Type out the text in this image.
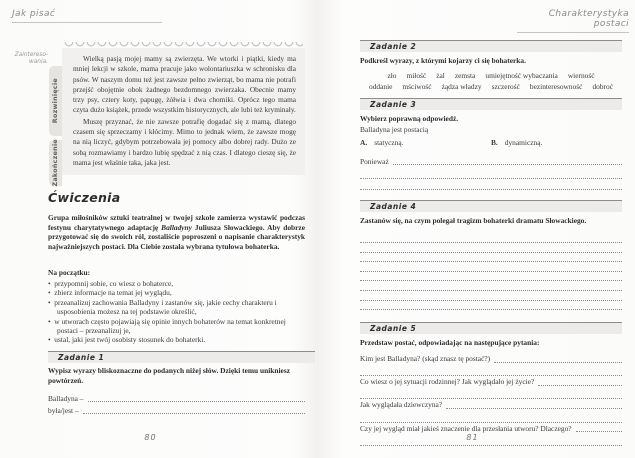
Jak pisać
Zaintereso-
wania.
Rozwinięcie
Zakończenie

Wielką pasją mojej mamy są zwierzęta. We wtorki i piątki, kiedy ma mniej lekcji w szkole, mama pracuje jako wolontariuszka w schronisku dla psów. W naszym domu też jest zawsze pełno zwierząt, bo mama nie potrafi przejść obojętnie obok żadnego bezdomnego zwierzaka. Obecnie mamy trzy psy, cztery koty, papugę, żółwia i dwa chomiki. Oprócz tego mama czyta dużo książek, przede wszystkim historycznych, ale lubi też kryminały.

Muszę przyznać, że nie zawsze potrafię dogadać się z mamą, dlatego czasem się sprzeczamy i kłócimy. Mimo to jednak wiem, że zawsze mogę na nią liczyć, gdybym potrzebowała jej pomocy albo dobrej rady. Dużo ze sobą rozmawiamy i bardzo lubię spędzać z nią czas. I dlatego cieszę się, że mama jest właśnie taka, jaka jest.

Ćwiczenia

Grupa miłośników sztuki teatralnej w twojej szkole zamierza wystawić podczas festynu charytatywnego adaptację Balladyny Juliusza Słowackiego. Aby dobrze przygotować się do swoich ról, zostaliście poproszeni o napisanie charakterystyk najważniejszych postaci. Dla Ciebie została wybrana tytułowa bohaterka.

Na początku:

•  przypomnij sobie, co wiesz o bohaterce,
•  zbierz informacje na temat jej wyglądu,
•  przeanalizuj zachowania Balladyny i zastanów się, jakie cechy charakteru i usposobienia możesz na tej podstawie określić,
•  w utworach często pojawiają się opinie innych bohaterów na temat konkretnej postaci – przeanalizuj je,
•  ustal, jaki jest twój osobisty stosunek do bohaterki.
Zadanie 1

Wypisz wyrazy bliskoznaczne do podanych niżej słów. Dzięki temu unikniesz powtórzeń.

Balladyna –
była/jest –
80
Charakterystyka postaci
Zadanie 2

Podkreśl wyrazy, z którymi kojarzy ci się bohaterka.

zło miłość żal zemsta umiejętność wybaczania wierność
oddanie mściwość żądza władzy szczerość bezinteresowność dobroć
Zadanie 3

Wybierz poprawną odpowiedź.

Balladyna jest postacią

A. statyczną.	B. dynamiczną.
Ponieważ
Zadanie 4

Zastanów się, na czym polegał tragizm bohaterki dramatu Słowackiego.

Zadanie 5

Przedstaw postać, odpowiadając na następujące pytania:

Kim jest Balladyna? (skąd znasz tę postać?)
Co wiesz o jej sytuacji rodzinnej? Jak wyglądało jej życie?
Jak wyglądała dziewczyna?
Czy jej wygląd miał jakieś znaczenie dla przesłania utworu? Dlaczego?
81
